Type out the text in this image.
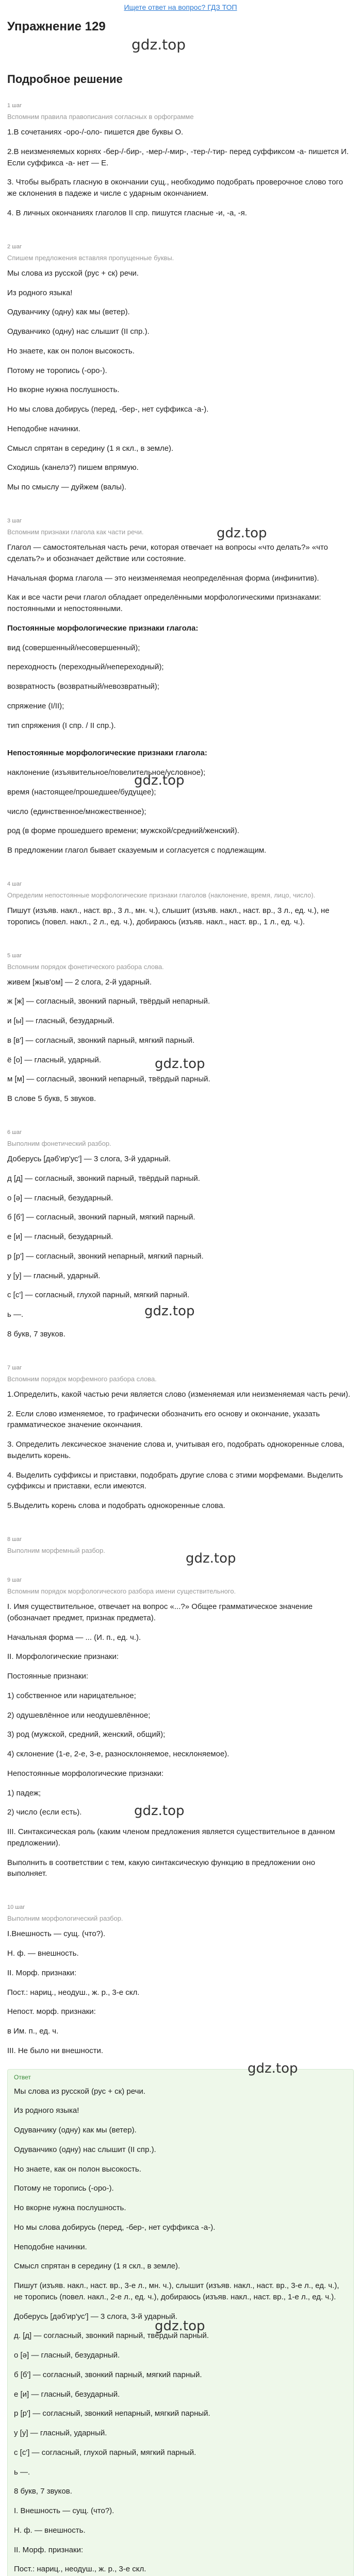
Ищете ответ на вопрос? ГДЗ ТОП
Упражнение 129
gdz.top
Подробное решение
1 шаг
Вспомним правила правописания согласных в орфограмме
1.В сочетаниях -оро-/-оло- пишется две буквы О.
2.В неизменяемых корнях -бер-/-бир-, -мер-/-мир-, -тер-/-тир- перед суффиксом -а- пишется И. Если суффикса -а- нет — Е.
3. Чтобы выбрать гласную в окончании сущ., необходимо подобрать проверочное слово того же склонения в падеже и числе с ударным окончанием.
4. В личных окончаниях глаголов II спр. пишутся гласные -и, -а, -я.
2 шаг
Спишем предложения вставляя пропущенные буквы.
Мы слова из русской (рус + ск) речи.
Из родного языка!
Одуванчику (одну) как мы (ветер).
Одуванчико (одну) нас слышит (II спр.).
Но знаете, как он полон высокость.
Потому не торопись (-оро-).
Но вкорне нужна послушность.
Но мы слова добирусь (перед, -бер-, нет суффикса -а-).
Неподобне начинки.
Смысл спрятан в середину (1 я скл., в земле).
Сходишь (канелэ?) пишем впрямую.
Мы по смыслу — дуйжем (валы).
3 шаг
Вспомним признаки глагола как части речи.
Глагол — самостоятельная часть речи, которая отвечает на вопросы «что делать?» «что сделать?» и обозначает действие или состояние.
Начальная форма глагола — это неизменяемая неопределённая форма (инфинитив).
Как и все части речи глагол обладает определёнными морфологическими признаками: постоянными и непостоянными.
Постоянные морфологические признаки глагола:
вид (совершенный/несовершенный);
переходность (переходный/непереходный);
возвратность (возвратный/невозвратный);
спряжение (I/II);
тип спряжения (I спр. / II спр.).
Непостоянные морфологические признаки глагола:
наклонение (изъявительное/повелительное/условное);
время (настоящее/прошедшее/будущее);
число (единственное/множественное);
род (в форме прошедшего времени; мужской/средний/женский).
В предложении глагол бывает сказуемым и согласуется с подлежащим.
4 шаг
Определим непостоянные морфологические признаки глаголов (наклонение, время, лицо, число).
Пишут (изъяв. накл., наст. вр., 3 л., мн. ч.), слышит (изъяв. накл., наст. вр., 3 л., ед. ч.), не торопись (повел. накл., 2 л., ед. ч.), добираюсь (изъяв. накл., наст. вр., 1 л., ед. ч.).
5 шаг
Вспомним порядок фонетического разбора слова.
живем [жыв'ом] — 2 слога, 2-й ударный.
ж [ж] — согласный, звонкий парный, твёрдый непарный.
и [ы] — гласный, безударный.
в [в'] — согласный, звонкий парный, мягкий парный.
ё [о] — гласный, ударный.
м [м] — согласный, звонкий непарный, твёрдый парный.
В слове 5 букв, 5 звуков.
6 шаг
Выполним фонетический разбор.
Доберусь [дəб'ир'ус'] — 3 слога, 3-й ударный.
д [д] — согласный, звонкий парный, твёрдый парный.
о [ə] — гласный, безударный.
б [б'] — согласный, звонкий парный, мягкий парный.
е [и] — гласный, безударный.
р [р'] — согласный, звонкий непарный, мягкий парный.
у [у] — гласный, ударный.
с [с'] — согласный, глухой парный, мягкий парный.
ь —.
8 букв, 7 звуков.
7 шаг
Вспомним порядок морфемного разбора слова.
1.Определить, какой частью речи является слово (изменяемая или неизменяемая часть речи).
2. Если слово изменяемое, то графически обозначить его основу и окончание, указать грамматическое значение окончания.
3. Определить лексическое значение слова и, учитывая его, подобрать однокоренные слова, выделить корень.
4. Выделить суффиксы и приставки, подобрать другие слова с этими морфемами. Выделить суффиксы и приставки, если имеются.
5.Выделить корень слова и подобрать однокоренные слова.
8 шаг
Выполним морфемный разбор.
9 шаг
Вспомним порядок морфологического разбора имени существительного.
I. Имя существительное, отвечает на вопрос «...?» Общее грамматическое значение (обозначает предмет, признак предмета).
Начальная форма — ... (И. п., ед. ч.).
II. Морфологические признаки:
Постоянные признаки:
1) собственное или нарицательное;
2) одушевлённое или неодушевлённое;
3) род (мужской, средний, женский, общий);
4) склонение (1-е, 2-е, 3-е, разносклоняемое, несклоняемое).
Непостоянные морфологические признаки:
1) падеж;
2) число (если есть).
III. Синтаксическая роль (каким членом предложения является существительное в данном предложении).
Выполнить в соответствии с тем, какую синтаксическую функцию в предложении оно выполняет.
10 шаг
Выполним морфологический разбор.
I.Внешность — сущ. (что?).
Н. ф. — внешность.
II. Морф. признаки:
Пост.: нариц., неодуш., ж. р., 3-е скл.
Непост. морф. признаки:
в Им. п., ед. ч.
III. Не было ни внешности.
Ответ
Мы слова из русской (рус + ск) речи.
Из родного языка!
Одуванчику (одну) как мы (ветер).
Одуванчико (одну) нас слышит (II спр.).
Но знаете, как он полон высокость.
Потому не торопись (-оро-).
Но вкорне нужна послушность.
Но мы слова добирусь (перед, -бер-, нет суффикса -а-).
Неподобне начинки.
Смысл спрятан в середину (1 я скл., в земле).
Пишут (изъяв. накл., наст. вр., 3-е л., мн. ч.), слышит (изъяв. накл., наст. вр., 3-е л., ед. ч.), не торопись (повел. накл., 2-е л., ед. ч.), добираюсь (изъяв. накл., наст. вр., 1-е л., ед. ч.).
Доберусь [дəб'ир'ус'] — 3 слога, 3-й ударный.
д. [д] — согласный, звонкий парный, твёрдый парный.
о [ə] — гласный, безударный.
б [б'] — согласный, звонкий парный, мягкий парный.
е [и] — гласный, безударный.
р [р'] — согласный, звонкий непарный, мягкий парный.
у [у] — гласный, ударный.
с [с'] — согласный, глухой парный, мягкий парный.
ь —.
8 букв, 7 звуков.
I. Внешность — сущ. (что?).
Н. ф. — внешность.
II. Морф. признаки:
Пост.: нариц., неодуш., ж. р., 3-е скл.
gdz.top
gdz.top
gdz.top
gdz.top
gdz.top
gdz.top
gdz.top
gdz.top
